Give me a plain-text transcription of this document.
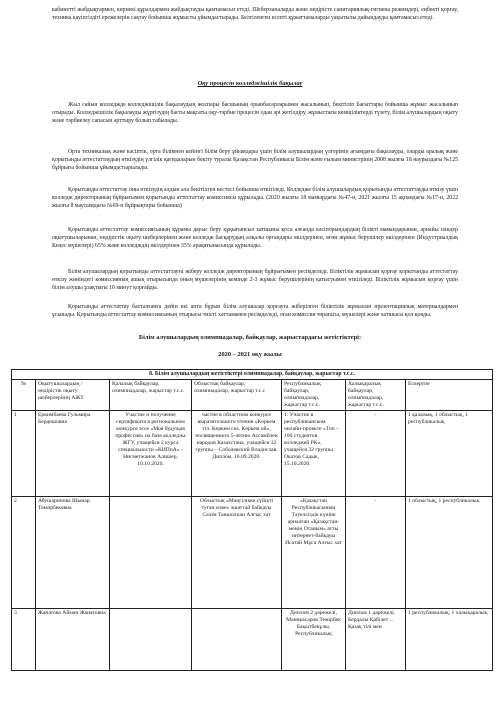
кабинетті жабдықтармен, көрнекі құралдармен жабдықтауды қамтамасыз етеді. Шеберханаларда және өндірісте санитариялық-гигиена режимдері, еңбекті қорғау, техника қауіпсіздігі ережелерін сақтау бойынша жұмысты ұйымдастырады. Белгіленген есепті құжаттамаларды уақытылы дайындауды қамтамасыз етеді.
Оқу процесін колледжішілік бақылау
Жыл сайын колледжде колледжішілік бақылаудың жоспары басшының орынбасарларымен жасалынып, бекітіліп бағыттары бойынша жұмыс жасалынып отырады. Колледжішілік бақылауды жүргізудің басты мақсаты оқу-тәрбие процесін одан әрі жетілдіру, жұмыстағы кемшіліктерді түзету, білім алушылардың оқыту және тәрбиелеу сапасын арттыру болып табылады.
Орта техникалық және кәсіптік, орта білімнен кейінгі білім беру ұйымдары үшін білім алушылардың үлгерімін ағымдағы бақылауды, оларды аралық және қорытынды аттестаттаудың өткізудің үлгілік қағидаларын бекіту туралы Қазақстан Республикасы Білім және ғылым министрінің 2008 жылғы 18 наурыздағы №125 бұйрығы бойынша ұйымдастырылады.
Қорытынды аттестаттау оны өткізудің алдын ала бекітілген кестесі бойынша өткізіледі. Колледже білім алушылардың қорытынды аттестаттауды өткізу үшін колледж директорының бұйрығымен қорытынды аттестаттау комиссиясы құрылады. (2020 жылғы 18 мамырдағы №47-н, 2021 жылғы 15 ақпандағы №17-н, 2022 жылғы 8 маусымдағы №69-н бұйрықтары бойынша)
Қорытынды аттестаттау комиссиясының құрамы дауыс беру құқығынсыз хатшыны қоса алғанда кәсіпорындардың білікті мамандарынан, арнайы пәндер оқытушыларынан, өндірістік оқыту шеберлерінен және колледж басқарудың алқалы органдары өкілдерінен, яғни жұмыс берушілер өкілдерінен (Индустриалдық Кеңес мүшелері) 65% және колледждің өкілдерінен 35% арақатынасында құрылады.
Білім алушылардың қорытынды аттестаттауға жіберу колледж директорының бұйрығымен ресімделеді. Біліктілік жұмысын қорғау қорытынды аттестаттау өткізу жөніндегі комиссияның ашық отырысында оның мүшелерінің кемінде 2-3 жұмыс берушілерінің қатысуымен өткізіледі. Біліктілік жұмысын қорғау үшін білім алушы ұзақтығы 10 минут қорғайды.
Қорытынды аттестаттау басталғанға дейін екі апта бұрын білім алушылар қорғауға жіберілген біліктілік жұмысын презентациялық материалдармен ұсынады. Қорытынды аттестаттау комиссиясының отырысы тиісті хаттамамен ресімделеді, оған комиссия төрағасы, мүшелері және хатшысы қол қояды.
Білім алушылардың олимпиадалар, байқаулар, жарыстардағы жетістіктері:
2020 – 2021 оқу жылы
8. Білім алушылардың жетістіктері олимпиадалар, байқаулар, жарыстар т.с.с.						
№	Оқытушылардың / өндірістік оқыту шеберлерінің АЖТ	Қалалық байқаулар, олимпиадалар, жарыстар т.с.с.	Облыстық байқаулар, олимпиадалар, жарыстар т.с.с	Республикалық байқаулар, олимпиадалар, жарыстар т.с.с.	Халықаралық байқаулар, олимпиадалар, жарыстар т.с.с.	Ескертпе
1	Еркимбаева Гульмира Бердешовна	Участие и получение сертификата в региональном конкурсе эссе «Моя будущая профессия» на базе колледжа ЖГУ, учащейся 2 курса специальности «КИПиА» - Нигметжанов Алишер, 10.10.2020.	частие в областном конкурсе выразительного чтения «Көркем тіл. Көркем сөз. Көркем ой», посвященного 5-летию Ассамблеи народов Казахстана, учащейся 32 группы – Соболевский Владислав. Диплом, 16.09.2020.	1. Участие в республиканском онлайн-проекте «Топ – 100 студентов колледжей РК», учащейся 32 группы Окатов Садык, 15.10.2020.	-	1 қалалық, 1 облыстық, 1 республикалық
2	Абушаринова Шынар Темирбековна		Облыстық «Мәңгілікке сүйікті туған өлке» эшаттай байқауы Сәлім Таншолпан Алғыс хат	«Қазақстан Республикасының Тәуелсіздік күніне арналған «Қазақстан-менің Отаным» атты интернет-байқауы Исатай Мұса Алғыс хат	-	1 облыстық, 1 республикалық
3	Жанатова Айман Жанатовна			Диплом 2 дәрежелі, Маникасаров Темірбек Бақытбекұлы, Республикалық	Диплом 1 дәрежелі, Бердалы Қабілет ... Қазақ тілі мен	1 республикалық, 1 халықаралық
